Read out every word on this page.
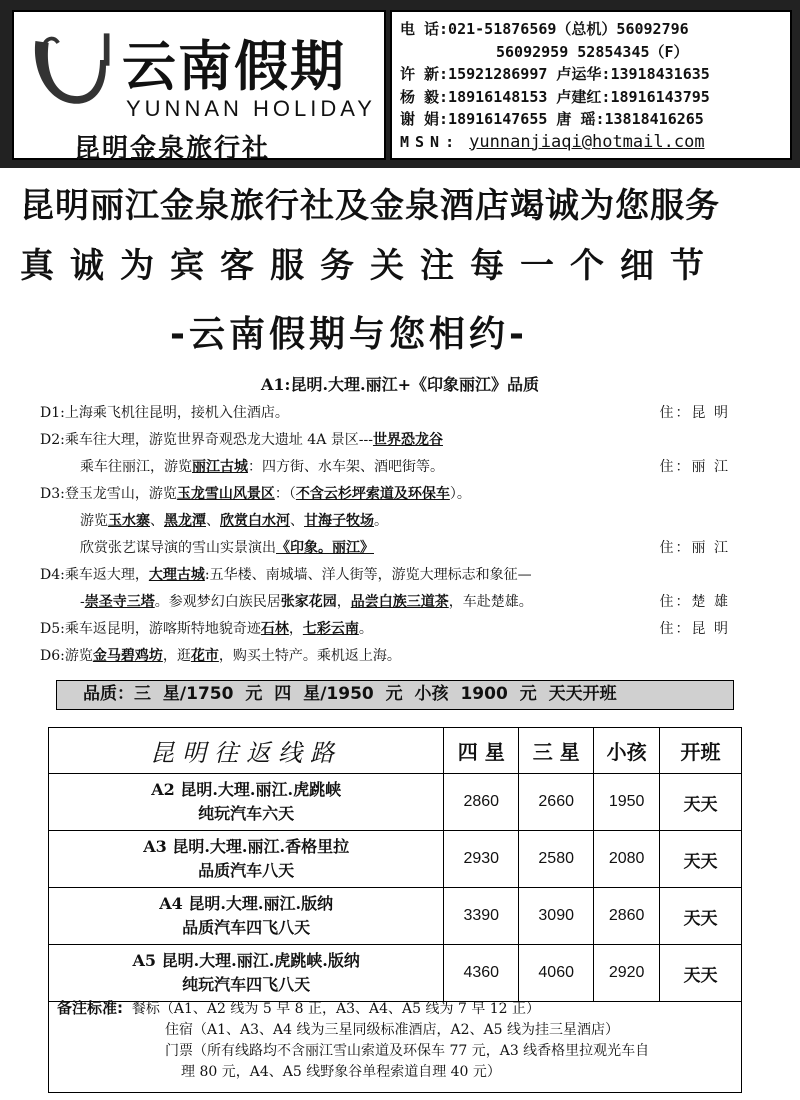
云南假期
YUNNAN HOLIDAY
昆明金泉旅行社
电 话:021-51876569（总机）56092796
56092959 52854345（F）
许 新:15921286997 卢运华:13918431635
杨 毅:18916148153 卢建红:18916143795
谢 娟:18916147655 唐 瑶:13818416265
MSN: yunnanjiaqi@hotmail.com
昆明丽江金泉旅行社及金泉酒店竭诚为您服务
真诚为宾客服务关注每一个细节
-云南假期与您相约-
A1:昆明.大理.丽江+《印象丽江》品质
D1:上海乘飞机往昆明，接机入住酒店。	住：昆 明
D2:乘车往大理，游览世界奇观恐龙大遗址 4A 景区---世界恐龙谷
乘车往丽江，游览丽江古城：四方街、水车架、酒吧街等。	住：丽 江
D3:登玉龙雪山，游览玉龙雪山风景区：（不含云杉坪索道及环保车）。
游览玉水寨、黑龙潭、欣赏白水河、甘海子牧场。
欣赏张艺谋导演的雪山实景演出《印象。丽江》	住：丽 江
D4:乘车返大理，大理古城:五华楼、南城墙、洋人街等，游览大理标志和象征—
-崇圣寺三塔。参观梦幻白族民居张家花园，品尝白族三道茶，车赴楚雄。	住：楚 雄
D5:乘车返昆明，游喀斯特地貌奇迹石林，七彩云南。	住：昆 明
D6:游览金马碧鸡坊，逛花市，购买土特产。乘机返上海。
品质：三 星/1750 元 四 星/1950 元 小孩 1900 元 天天开班
昆明往返线路	四 星	三 星	小孩	开班

A2 昆明.大理.丽江.虎跳峡
纯玩汽车六天	2860	2660	1950	天天

A3 昆明.大理.丽江.香格里拉
品质汽车八天	2930	2580	2080	天天

A4 昆明.大理.丽江.版纳
品质汽车四飞八天	3390	3090	2860	天天

A5 昆明.大理.丽江.虎跳峡.版纳
纯玩汽车四飞八天	4360	4060	2920	天天
备注标准: 餐标（A1、A2 线为 5 早 8 正，A3、A4、A5 线为 7 早 12 正）
住宿（A1、A3、A4 线为三星同级标准酒店，A2、A5 线为挂三星酒店）
门票（所有线路均不含丽江雪山索道及环保车 77 元，A3 线香格里拉观光车自
理 80 元，A4、A5 线野象谷单程索道自理 40 元）
